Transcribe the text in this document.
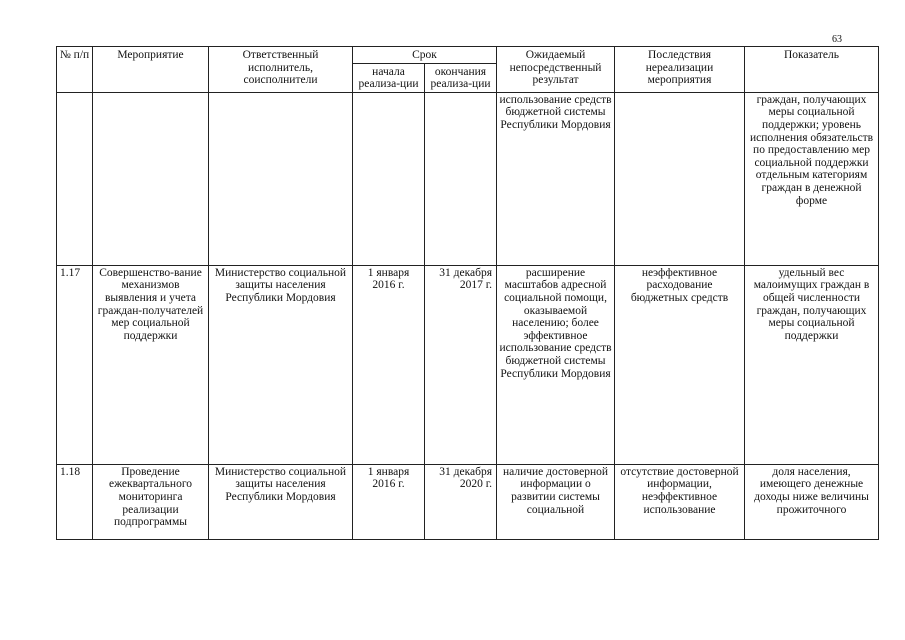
63
№ п/п	Мероприятие	Ответственный исполнитель, соисполнители	Срок		Ожидаемый непосредственный результат	Последствия нереализации мероприятия	Показатель
			начала реализа-ции	окончания реализа-ции			
					использование средств бюджетной системы Республики Мордовия		граждан, получающих меры социальной поддержки; уровень исполнения обязательств по предоставлению мер социальной поддержки отдельным категориям граждан в денежной форме
1.17	Совершенство-вание механизмов выявления и учета граждан-получателей мер социальной поддержки	Министерство социальной защиты населения Республики Мордовия	1 января 2016 г.	31 декабря 2017 г.	расширение масштабов адресной социальной помощи, оказываемой населению; более эффективное использование средств бюджетной системы Республики Мордовия	неэффективное расходование бюджетных средств	удельный вес малоимущих граждан в общей численности граждан, получающих меры социальной поддержки
1.18	Проведение ежеквартального мониторинга реализации подпрограммы	Министерство социальной защиты населения Республики Мордовия	1 января 2016 г.	31 декабря 2020 г.	наличие достоверной информации о развитии системы социальной	отсутствие достоверной информации, неэффективное использование	доля населения, имеющего денежные доходы ниже величины прожиточного
